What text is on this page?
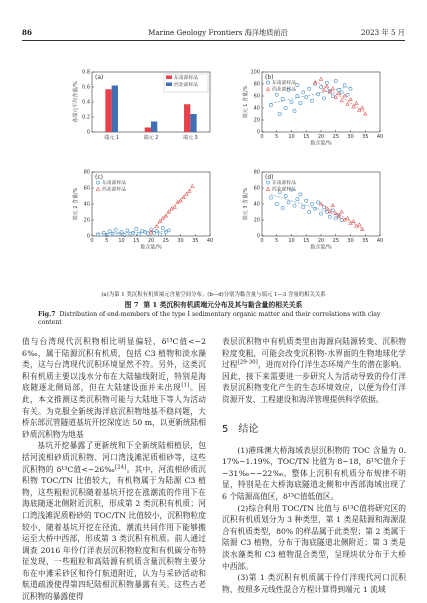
86	Marine Geology Frontiers 海洋地质前沿	2023 年 5 月
(a)
0
0.2
0.4
0.6
0.8
各端元平均含量/%
端元 1	端元 2	端元 3
东南部样品
西北部样品
(b)
0
20
40
60
80
100
端元 1 含量/%
0 5 10 15 20 25 30 35 40
黏含量/%
东南部样品
西北部样品
(c)
0
20
40
60
80
端元 2 含量/%
0 5 10 15 20 25 30 35 40
黏含量/%
东南部样品
西北部样品
(d)
0
20
40
60
80
端元 3 含量/%
0 5 10 15 20 25 30 35 40
黏含量/%
东南部样品
西北部样品
(a)为第 1 类沉积有机质端元含量空间分布；(b—d)分别为黏含量与端元 1—3 含量的相关关系
图 7 第 1 类沉积有机质端元分布及其与黏含量的相关关系
Fig.7 Distribution of end-members of the type I sedimentary organic matter and their correlations with clay content

值与台湾现代沉积物相比明显偏轻，δ¹³C值<−26‰，属于陆源沉积有机质，包括 C3 植物和淡水藻类，这与台湾现代沉积环境显然不符。另外，这类沉积有机质主要以浅水分布在大陆输线附近，特别是海底随逐北侧局部，但在大陆建设面并未出现[1]。因此，本文推测这类沉积物可能与大陆地下等人为活动有关。为克服全新统海洋底沉积物地基不稳问题，大桥东部沉管隧道基坑开挖深度达 50 m，以更新统陆相砂质沉积物为地基

基坑开挖暴露了更新统和下全新统陆相植层，包括河流相砂质沉积物、河口湾浅滩泥质相砂等，这些沉积物的 δ¹³C值<−26‰[24]。其中，河流相砂质沉积物 TOC/TN 比值较大，有机物属于为陆源 C3 植物，这些粗粒沉积随着基坑开挖在涨潮流的作用下在海底随逐北侧附近沉积，形成第 2 类沉积有机质；河口湾浅滩泥质粉砂的 TOC/TN 比值较小，沉积物粒度较小，随着基坑开挖在径流、潮流共同作用下能够搬运至大桥中西部，形成第 3 类沉积有机质。前人通过调查 2016 年伶仃洋表层沉积物粒度和有机碳分布特征发现，一些粗粒和高陆源有机质含量沉积物主要分布在中滩采砂区和伶仃航道附近，认为与采砂活动和航道疏浚使得第四纪陆相沉积物暴露有关。这些古老沉积物的暴露使得

表层沉积物中有机质类型由海源向陆源转变、沉积物粒度变粗，可能会改变沉积物-水界面的生物地球化学过程[29-30]，进而对伶仃洋生态环境产生的潜在影响。因此，接下来需要进一步研究人为活动导致的伶仃洋表层沉积物变化产生的生态环境效应，以便为伶仃洋资源开发、工程建设和海洋管理提供科学依据。

5　结论

(1)港珠澳大桥海域表层沉积物的 TOC 含量为 0.17%~1.19%，TOC/TN 比值为 8~18，δ¹³C值介于−31‰~−22‰。整体上沉积有机质分布规律不明显，特别是在大桥海底隧道北侧和中西部海域出现了 6 个陆源高值区，δ¹³C值低值区。

(2)综合利用 TOC/TN 比值与 δ¹³C值将研究区的沉积有机质划分为 3 种类型，第 1 类是陆源和海源混合有机质类型，80% 的样品属于此类型；第 2 类属于陆源 C3 植物，分布于海底隧道北侧附近；第 3 类是淡水藻类和 C3 植物混合类型，呈现块状分布于大桥中西部。

(3)第 1 类沉积有机质属于伶仃洋现代河口沉积物，按照多元线性混合方程计算得到端元 1 流域
